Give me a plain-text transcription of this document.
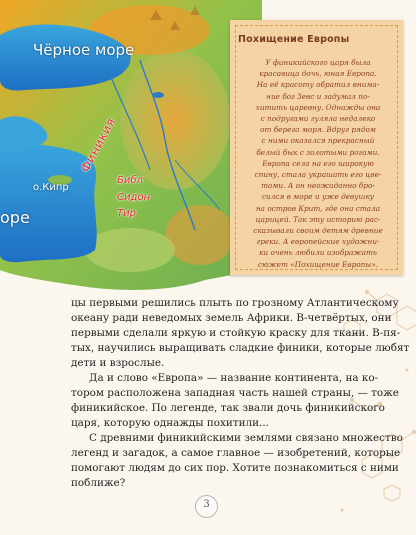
Чёрное море
о.Кипр
оре
Финикия
Библ
Сидон
Тир
Похищение Европы
У финикийского царя была
красавица дочь, юная Европа.
На её красоту обратил внима-
ние бог Зевс и задумал по-
хитить царевну. Однажды она
с подругами гуляла недалеко
от берега моря. Вдруг рядом
с ними оказался прекрасный
белый бык с золотыми рогами.
Европа села на его широкую
спину, стала украшать его цве-
тами. А он неожиданно бро-
сился в море и уже девушку
на остров Крит, где она стала
царицей. Так эту историю рас-
сказывали своим детям древние
греки. А европейские художни-
ки очень любили изображать
сюжет «Похищение Европы».
цы первыми решились плыть по грозному Атлантическому
океану ради неведомых земель Африки. В-четвёртых, они
первыми сделали яркую и стойкую краску для ткани. В-пя-
тых, научились выращивать сладкие финики, которые любят
дети и взрослые.
Да и слово «Европа» — название континента, на ко-
тором расположена западная часть нашей страны, — тоже
финикийское. По легенде, так звали дочь финикийского
царя, которую однажды похитили...
С древними финикийскими землями связано множество
легенд и загадок, а самое главное — изобретений, которые
помогают людям до сих пор. Хотите познакомиться с ними
поближе?
3
